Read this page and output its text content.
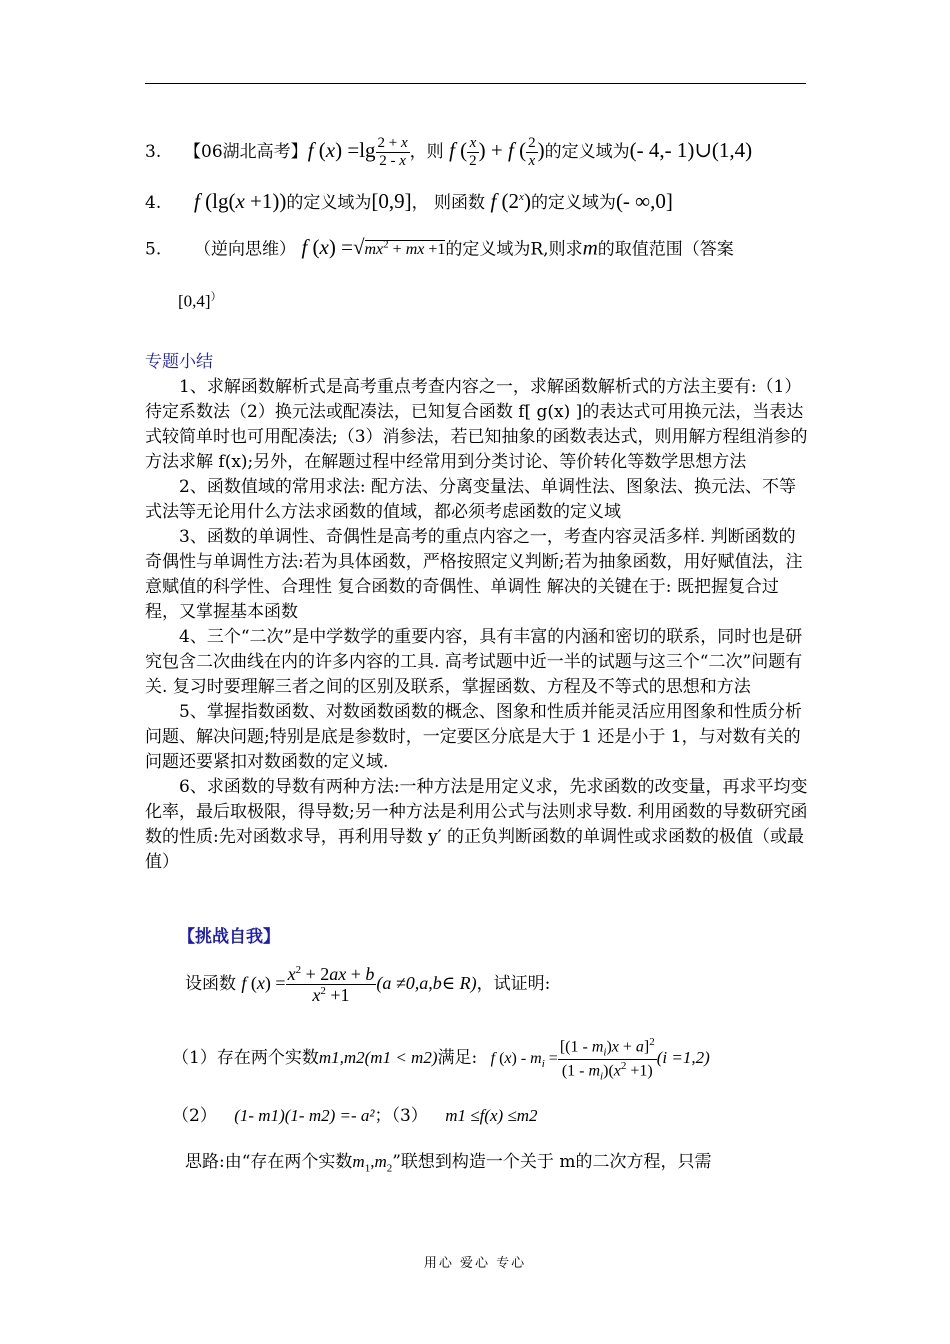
3. 【06湖北高考】f $(x) =\lg \frac{2 + x}{2 - x}$ ，则 f ( $\frac{x}{2}$ ) + f ( $\frac{2}{x}$ )的定义域为(- 4,- 1)∪(1,4)
4. f (lg(x +1))的定义域为[0,9]， 则函数 f (2$^x$)的定义域为(- ∞,0]
5. （逆向思维） f $(x) =√mx^2$ + mx +1的定义域为R,则求m的取值范围（答案
[0,4]）
专题小结

1、求解函数解析式是高考重点考查内容之一，求解函数解析式的方法主要有:（1） 待定系数法（2）换元法或配凑法，已知复合函数 f[ g(x) ]的表达式可用换元法，当表达式较简单时也可用配凑法;（3）消参法，若已知抽象的函数表达式，则用解方程组消参的方法求解 f(x);另外，在解题过程中经常用到分类讨论、等价转化等数学思想方法

2、函数值域的常用求法: 配方法、分离变量法、单调性法、图象法、换元法、不等式法等无论用什么方法求函数的值域，都必须考虑函数的定义域

3、函数的单调性、奇偶性是高考的重点内容之一，考查内容灵活多样. 判断函数的奇偶性与单调性方法:若为具体函数，严格按照定义判断;若为抽象函数，用好赋值法，注意赋值的科学性、合理性 复合函数的奇偶性、单调性 解决的关键在于: 既把握复合过程，又掌握基本函数

4、三个“二次”是中学数学的重要内容，具有丰富的内涵和密切的联系，同时也是研究包含二次曲线在内的许多内容的工具. 高考试题中近一半的试题与这三个“二次”问题有关. 复习时要理解三者之间的区别及联系，掌握函数、方程及不等式的思想和方法

5、掌握指数函数、对数函数函数的概念、图象和性质并能灵活应用图象和性质分析问题、解决问题;特别是底是参数时，一定要区分底是大于 1 还是小于 1，与对数有关的问题还要紧扣对数函数的定义域.

6、求函数的导数有两种方法:一种方法是用定义求，先求函数的改变量，再求平均变化率，最后取极限，得导数;另一种方法是利用公式与法则求导数. 利用函数的导数研究函数的性质:先对函数求导，再利用导数 y′ 的正负判断函数的单调性或求函数的极值（或最值）

【挑战自我】
设函数 f $(x) = \frac{x^2 + 2ax + b}{x^2 +1} (a$ ≠0,a,b∈ R)，试证明:
（1）存在两个实数m1,m2(m1 < m2)满足: f $(x) - m_i = \frac{[(1 - m_i)x + a]^2}{(1 - m_i)(x^2 +1)} (i =1,2)$
（2） (1- m1)(1- m2) =- a²；（3） m1 ≤f(x) ≤m2
思路:由“存在两个实数$m_1,m_2$”联想到构造一个关于 m的二次方程，只需
用心 爱心 专心
